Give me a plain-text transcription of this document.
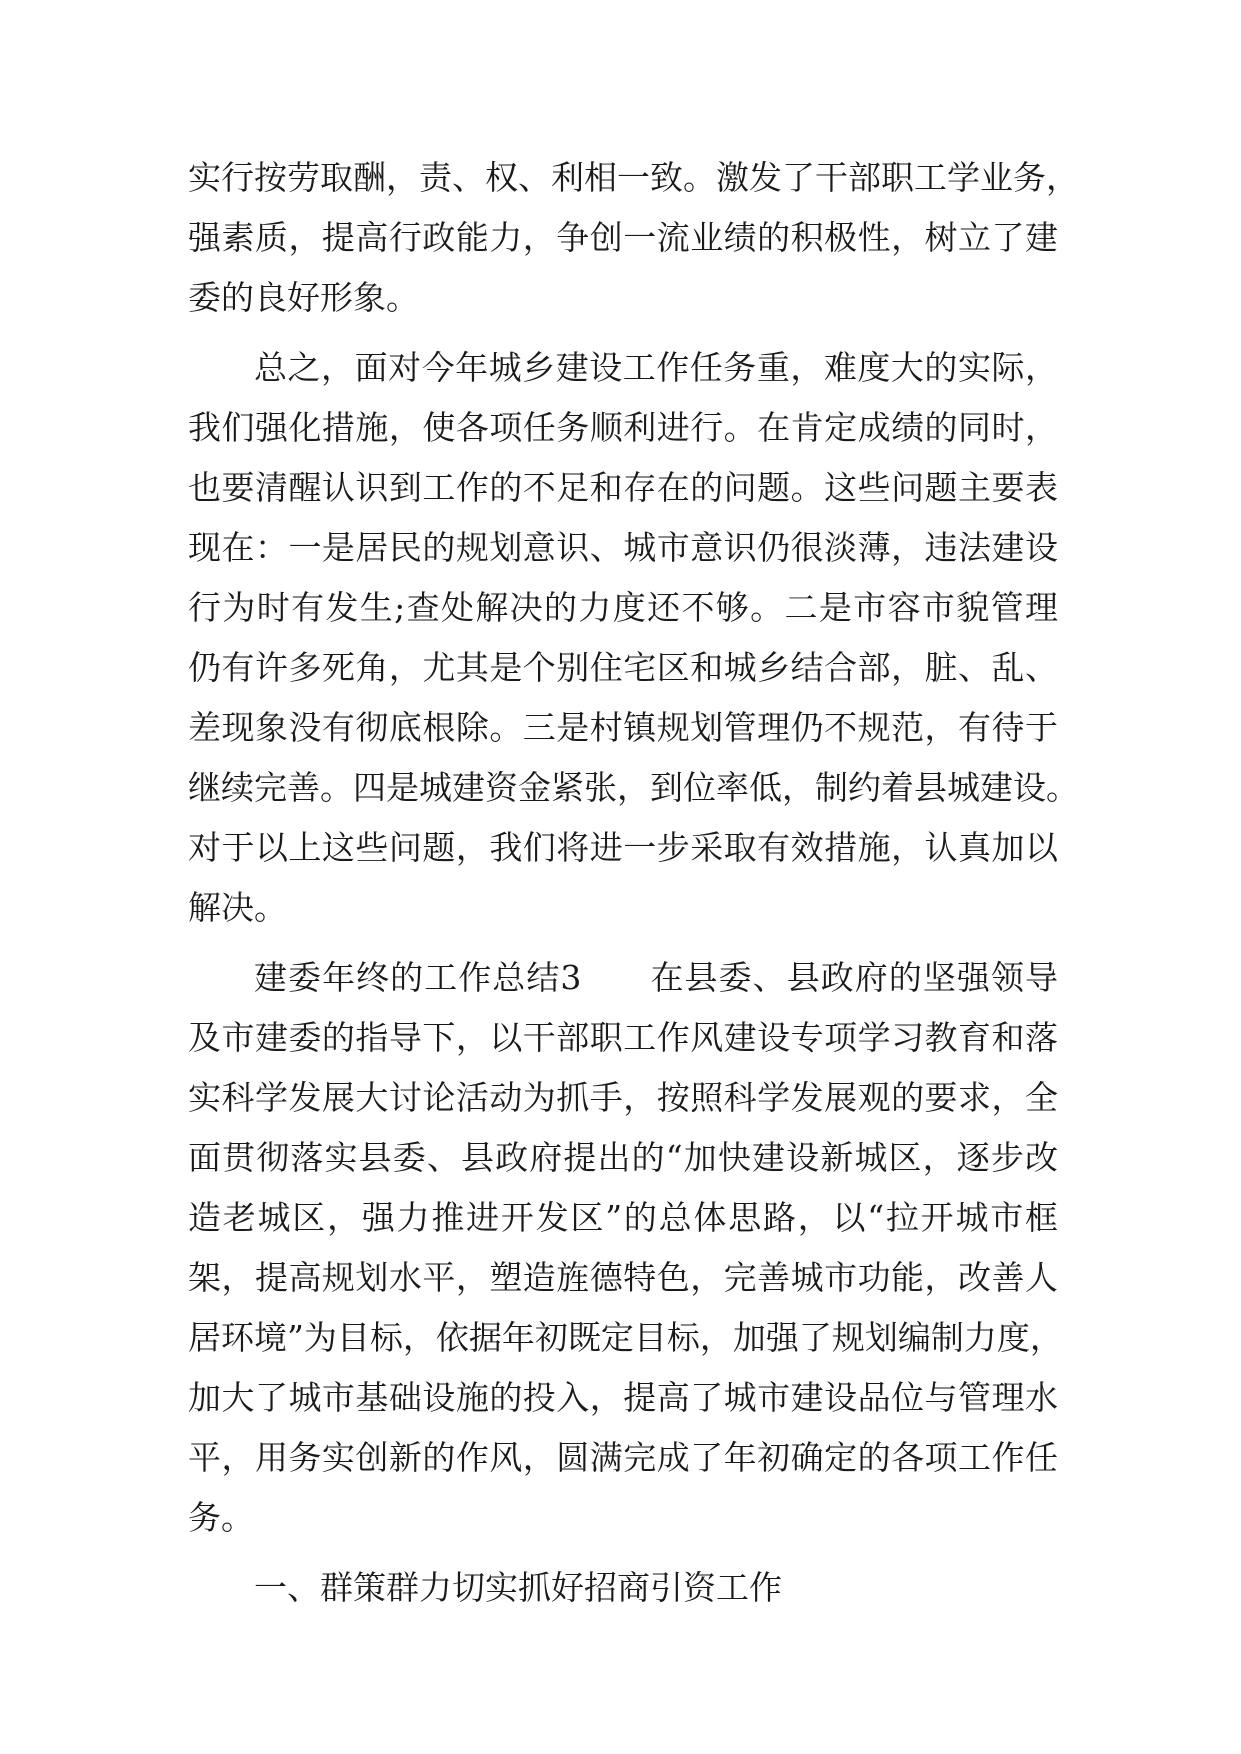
实行按劳取酬，责、权、利相一致。激发了干部职工学业务，
强素质，提高行政能力，争创一流业绩的积极性，树立了建
委的良好形象。
总之，面对今年城乡建设工作任务重，难度大的实际，
我们强化措施，使各项任务顺利进行。在肯定成绩的同时，
也要清醒认识到工作的不足和存在的问题。这些问题主要表
现在：一是居民的规划意识、城市意识仍很淡薄，违法建设
行为时有发生;查处解决的力度还不够。二是市容市貌管理
仍有许多死角，尤其是个别住宅区和城乡结合部，脏、乱、
差现象没有彻底根除。三是村镇规划管理仍不规范，有待于
继续完善。四是城建资金紧张，到位率低，制约着县城建设。
对于以上这些问题，我们将进一步采取有效措施，认真加以
解决。
建委年终的工作总结3　　在县委、县政府的坚强领导
及市建委的指导下，以干部职工作风建设专项学习教育和落
实科学发展大讨论活动为抓手，按照科学发展观的要求，全
面贯彻落实县委、县政府提出的“加快建设新城区，逐步改
造老城区，强力推进开发区”的总体思路，以“拉开城市框
架，提高规划水平，塑造旌德特色，完善城市功能，改善人
居环境”为目标，依据年初既定目标，加强了规划编制力度，
加大了城市基础设施的投入，提高了城市建设品位与管理水
平，用务实创新的作风，圆满完成了年初确定的各项工作任
务。
一、群策群力切实抓好招商引资工作
